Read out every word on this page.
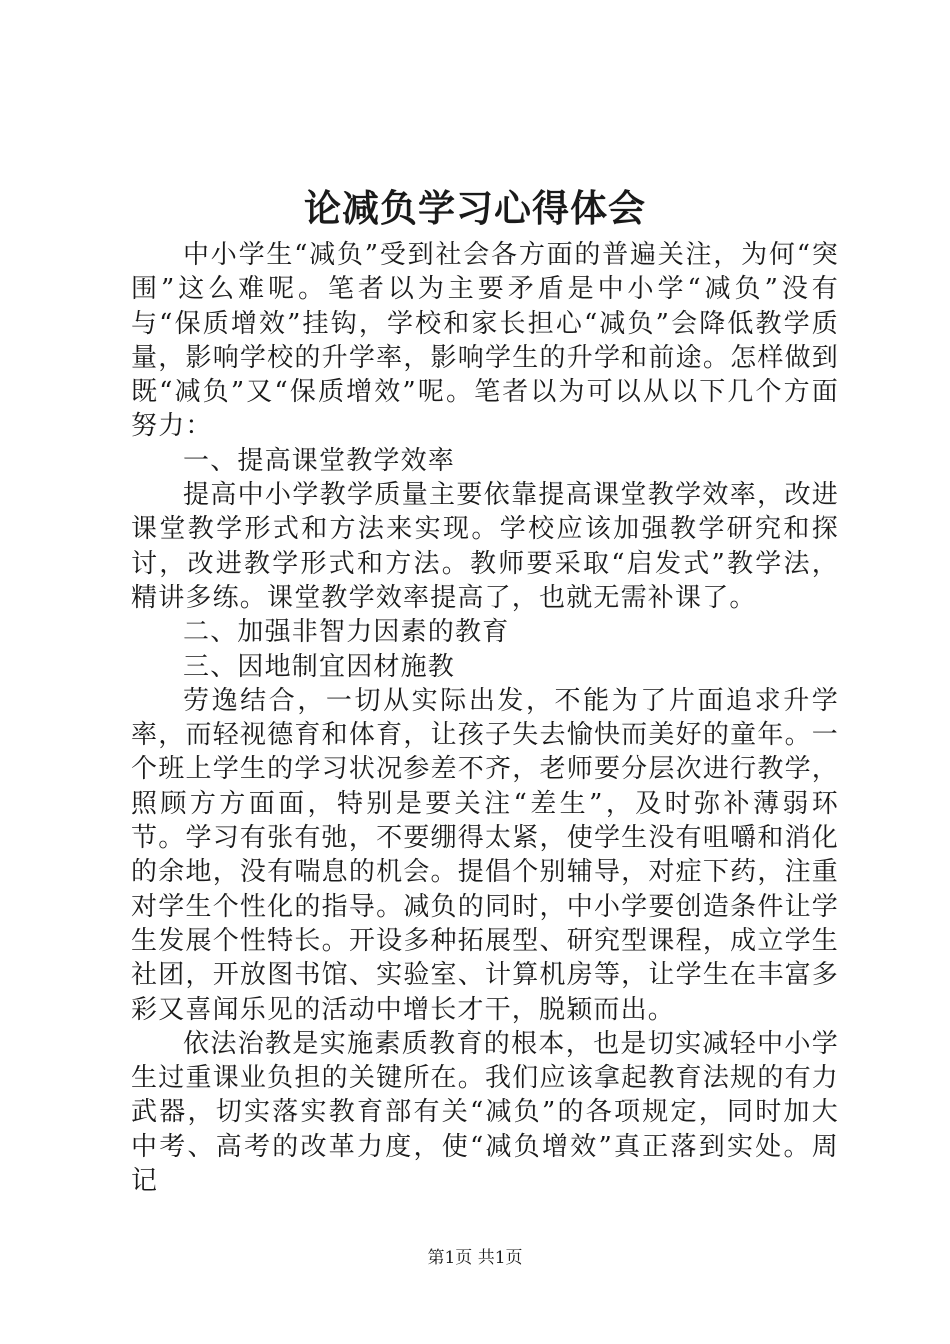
论减负学习心得体会

中小学生“减负”受到社会各方面的普遍关注，为何“突围”这么难呢。笔者以为主要矛盾是中小学“减负”没有与“保质增效”挂钩，学校和家长担心“减负”会降低教学质量，影响学校的升学率，影响学生的升学和前途。怎样做到既“减负”又“保质增效”呢。笔者以为可以从以下几个方面努力：

一、提高课堂教学效率

提高中小学教学质量主要依靠提高课堂教学效率，改进课堂教学形式和方法来实现。学校应该加强教学研究和探讨，改进教学形式和方法。教师要采取“启发式”教学法，精讲多练。课堂教学效率提高了，也就无需补课了。

二、加强非智力因素的教育

三、因地制宜因材施教

劳逸结合，一切从实际出发，不能为了片面追求升学率，而轻视德育和体育，让孩子失去愉快而美好的童年。一个班上学生的学习状况参差不齐，老师要分层次进行教学，照顾方方面面，特别是要关注“差生”，及时弥补薄弱环节。学习有张有弛，不要绷得太紧，使学生没有咀嚼和消化的余地，没有喘息的机会。提倡个别辅导，对症下药，注重对学生个性化的指导。减负的同时，中小学要创造条件让学生发展个性特长。开设多种拓展型、研究型课程，成立学生社团，开放图书馆、实验室、计算机房等，让学生在丰富多彩又喜闻乐见的活动中增长才干，脱颖而出。

依法治教是实施素质教育的根本，也是切实减轻中小学生过重课业负担的关键所在。我们应该拿起教育法规的有力武器，切实落实教育部有关“减负”的各项规定，同时加大中考、高考的改革力度，使“减负增效”真正落到实处。周记

第1页 共1页
